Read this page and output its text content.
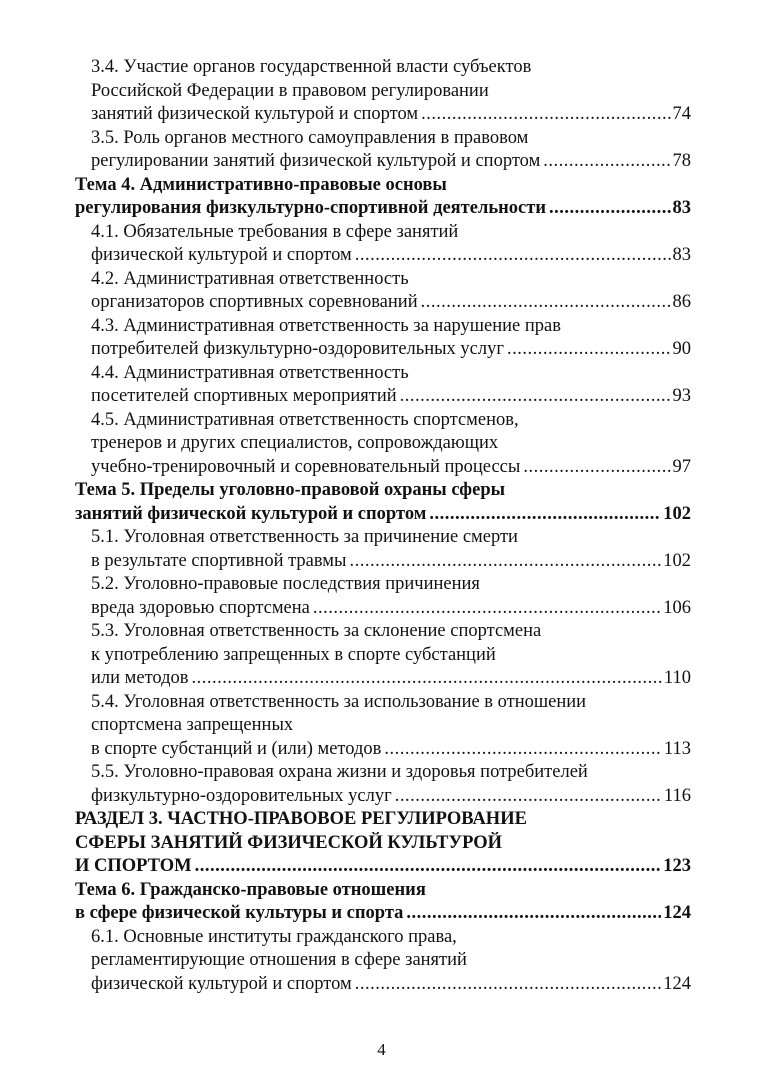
3.4. Участие органов государственной власти субъектов
Российской Федерации в правовом регулировании
занятий физической культурой и спортом .....	74
3.5. Роль органов местного самоуправления в правовом
регулировании занятий физической культурой и спортом .....	78
Тема 4. Административно-правовые основы
регулирования физкультурно-спортивной деятельности .....	83
4.1. Обязательные требования в сфере занятий
физической культурой и спортом .....	83
4.2. Административная ответственность
организаторов спортивных соревнований .....	86
4.3. Административная ответственность за нарушение прав
потребителей физкультурно-оздоровительных услуг .....	90
4.4. Административная ответственность
посетителей спортивных мероприятий .....	93
4.5. Административная ответственность спортсменов,
тренеров и других специалистов, сопровождающих
учебно-тренировочный и соревновательный процессы .....	97
Тема 5. Пределы уголовно-правовой охраны сферы
занятий физической культурой и спортом .....	102
5.1. Уголовная ответственность за причинение смерти
в результате спортивной травмы .....	102
5.2. Уголовно-правовые последствия причинения
вреда здоровью спортсмена .....	106
5.3. Уголовная ответственность за склонение спортсмена
к употреблению запрещенных в спорте субстанций
или методов .....	110
5.4. Уголовная ответственность за использование в отношении
спортсмена запрещенных
в спорте субстанций и (или) методов .....	113
5.5. Уголовно-правовая охрана жизни и здоровья потребителей
физкультурно-оздоровительных услуг .....	116
РАЗДЕЛ 3. ЧАСТНО-ПРАВОВОЕ РЕГУЛИРОВАНИЕ
СФЕРЫ ЗАНЯТИЙ ФИЗИЧЕСКОЙ КУЛЬТУРОЙ
И СПОРТОМ .....	123
Тема 6. Гражданско-правовые отношения
в сфере физической культуры и спорта .....	124
6.1. Основные институты гражданского права,
регламентирующие отношения в сфере занятий
физической культурой и спортом .....	124
4
